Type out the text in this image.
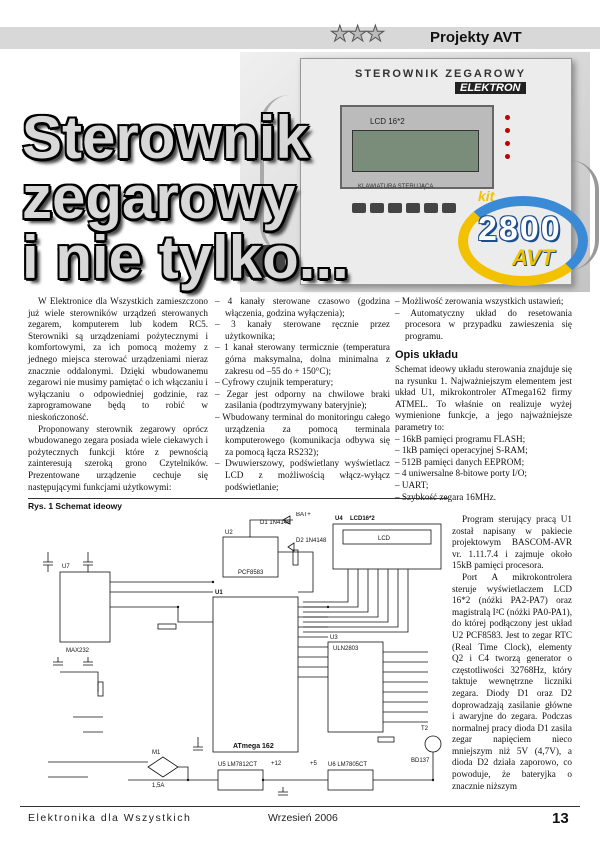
★★★	Projekty AVT
STEROWNIK ZEGAROWY
ELEKTRON
LCD 16*2
KLAWIATURA STERUJĄCA
kit
2800
AVT
Sterownik
zegarowy
i nie tylko...

W Elektronice dla Wszystkich zamieszczono już wiele sterowników urządzeń sterowanych zegarem, komputerem lub kodem RC5. Sterowniki są urządzeniami pożytecznymi i komfortowymi, za ich pomocą możemy z jednego miejsca sterować urządzeniami nieraz znacznie oddalonymi. Dzięki wbudowanemu zegarowi nie musimy pamiętać o ich włączaniu i wyłączaniu o odpowiedniej godzinie, raz zaprogramowane będą to robić w nieskończoność.

Proponowany sterownik zegarowy oprócz wbudowanego zegara posiada wiele ciekawych i pożytecznych funkcji które z pewnością zainteresują szeroką grono Czytelników. Prezentowane urządzenie cechuje się następującymi funkcjami użytkowymi:

– 4 kanały sterowane czasowo (godzina włączenia, godzina wyłączenia);
– 3 kanały sterowane ręcznie przez użytkownika;
– 1 kanał sterowany termicznie (temperatura górna maksymalna, dolna minimalna z zakresu od –55 do + 150°C);
– Cyfrowy czujnik temperatury;
– Zegar jest odporny na chwilowe braki zasilania (podtrzymywany bateryjnie);
– Wbudowany terminal do monitoringu całego urządzenia za pomocą terminala komputerowego (komunikacja odbywa się za pomocą łącza RS232);
– Dwuwierszowy, podświetlany wyświetlacz LCD z możliwością włącz-wyłącz podświetlanie;
– Możliwość zerowania wszystkich ustawień;
– Automatyczny układ do resetowania procesora w przypadku zawieszenia się programu.
Opis układu

Schemat ideowy układu sterowania znajduje się na rysunku 1. Najważniejszym elementem jest układ U1, mikrokontroler ATmega162 firmy ATMEL. To właśnie on realizuje wyżej wymienione funkcje, a jego najważniejsze parametry to:

– 16kB pamięci programu FLASH;
– 1kB pamięci operacyjnej S-RAM;
– 512B pamięci danych EEPROM;
– 4 uniwersalne 8-bitowe porty I/O;
– UART;
– Szybkość zegara 16MHz.

Program sterujący pracą U1 został napisany w pakiecie projektowym BASCOM-AVR vr. 1.11.7.4 i zajmuje około 15kB pamięci procesora.

Port A mikrokontrolera steruje wyświetlaczem LCD 16*2 (nóżki PA2-PA7) oraz magistralą I²C (nóżki PA0-PA1), do której podłączony jest układ U2 PCF8583. Jest to zegar RTC (Real Time Clock), elementy Q2 i C4 tworzą generator o częstotliwości 32768Hz, który taktuje wewnętrzne liczniki zegara. Diody D1 oraz D2 doprowadzają zasilanie główne i awaryjne do zegara. Podczas normalnej pracy dioda D1 zasila zegar napięciem nieco mniejszym niż 5V (4,7V), a dioda D2 działa zaporowo, co powoduje, że bateryjka o znacznie niższym

Rys. 1 Schemat ideowy
U7
MAX232
U1
ATmega 162
U2
PCF8583
U3
ULN2803
U4 LCD16*2
LCD
U5 LM7812CT	U6 LM7805CT
M1
1,5A
BAT+
D1 1N4148
D2 1N4148
T2
BD137
+12	+5
Elektronika dla Wszystkich	Wrzesień 2006	13
